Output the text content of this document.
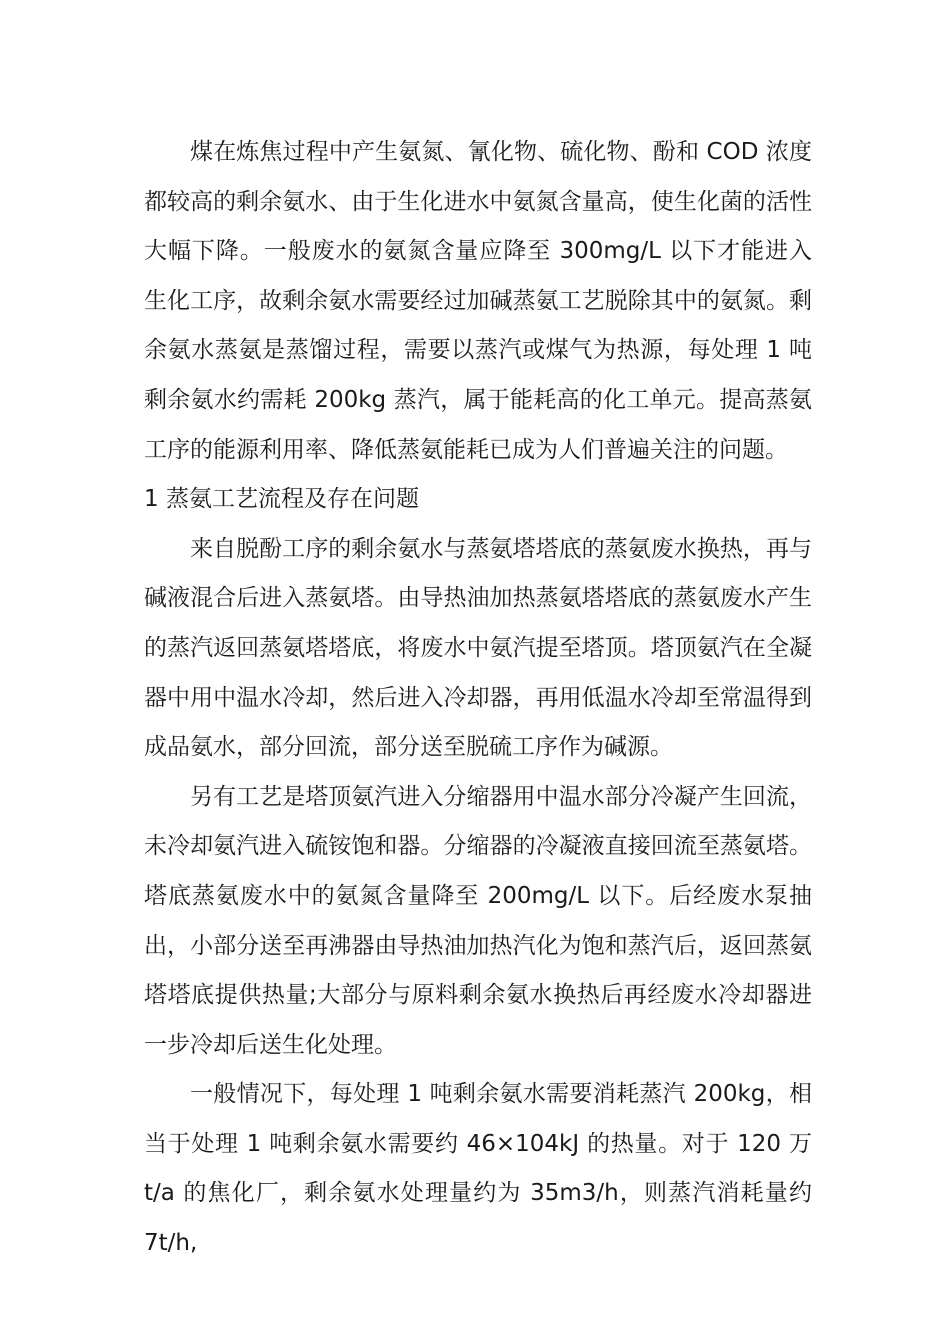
煤在炼焦过程中产生氨氮、氰化物、硫化物、酚和 COD 浓度都较高的剩余氨水、由于生化进水中氨氮含量高，使生化菌的活性大幅下降。一般废水的氨氮含量应降至 300mg/L 以下才能进入生化工序，故剩余氨水需要经过加碱蒸氨工艺脱除其中的氨氮。剩余氨水蒸氨是蒸馏过程，需要以蒸汽或煤气为热源，每处理 1 吨剩余氨水约需耗 200kg 蒸汽，属于能耗高的化工单元。提高蒸氨工序的能源利用率、降低蒸氨能耗已成为人们普遍关注的问题。

1 蒸氨工艺流程及存在问题

来自脱酚工序的剩余氨水与蒸氨塔塔底的蒸氨废水换热，再与碱液混合后进入蒸氨塔。由导热油加热蒸氨塔塔底的蒸氨废水产生的蒸汽返回蒸氨塔塔底，将废水中氨汽提至塔顶。塔顶氨汽在全凝器中用中温水冷却，然后进入冷却器，再用低温水冷却至常温得到成品氨水，部分回流，部分送至脱硫工序作为碱源。

另有工艺是塔顶氨汽进入分缩器用中温水部分冷凝产生回流，未冷却氨汽进入硫铵饱和器。分缩器的冷凝液直接回流至蒸氨塔。塔底蒸氨废水中的氨氮含量降至 200mg/L 以下。后经废水泵抽出，小部分送至再沸器由导热油加热汽化为饱和蒸汽后，返回蒸氨塔塔底提供热量;大部分与原料剩余氨水换热后再经废水冷却器进一步冷却后送生化处理。

一般情况下，每处理 1 吨剩余氨水需要消耗蒸汽 200kg，相当于处理 1 吨剩余氨水需要约 46×104kJ 的热量。对于 120 万 t/a 的焦化厂，剩余氨水处理量约为 35m3/h，则蒸汽消耗量约 7t/h,
